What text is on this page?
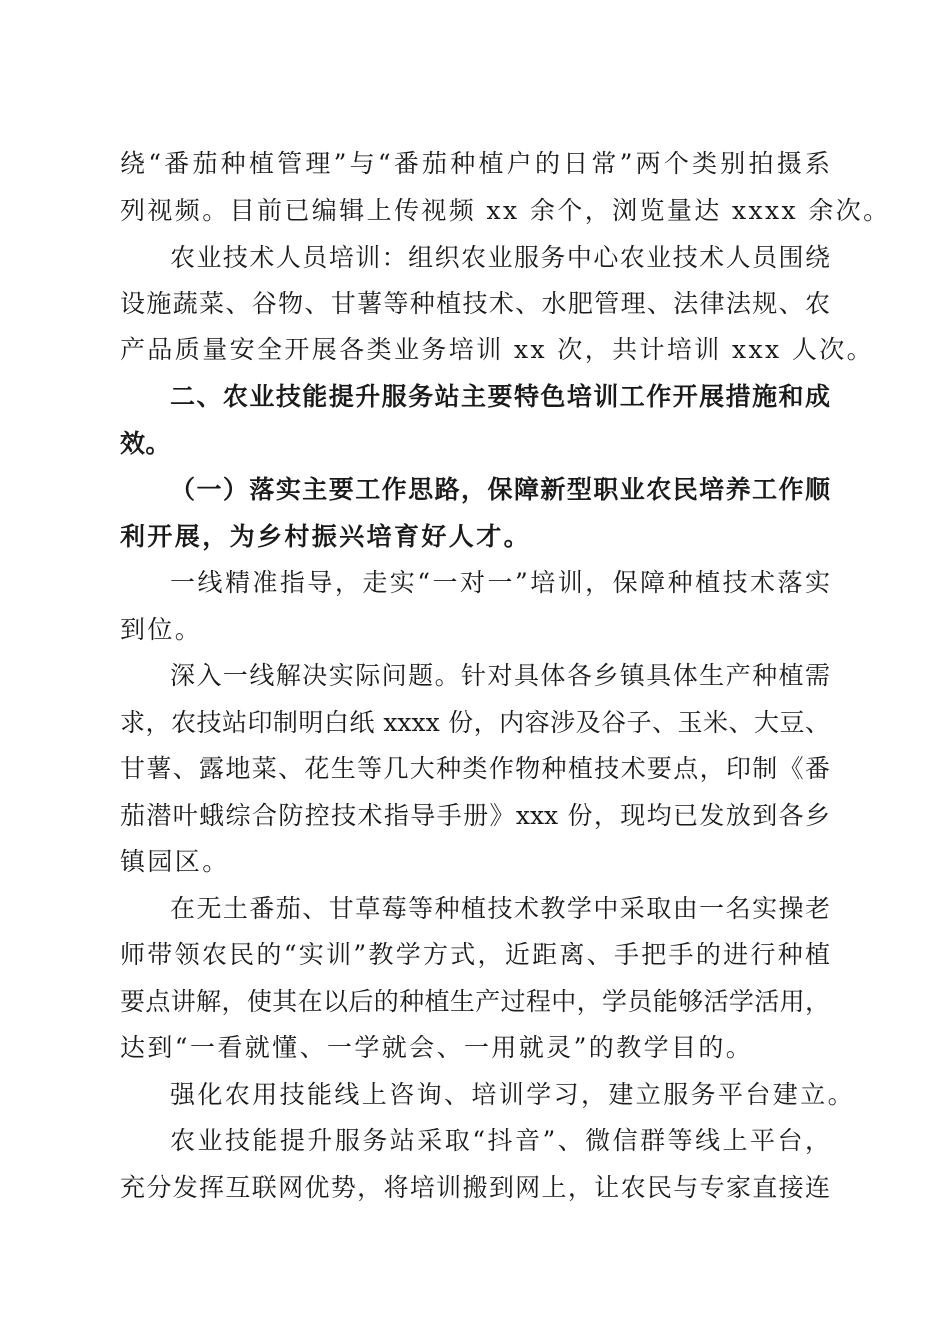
绕“番茄种植管理”与“番茄种植户的日常”两个类别拍摄系
列视频。目前已编辑上传视频 xx 余个，浏览量达 xxxx 余次。
农业技术人员培训：组织农业服务中心农业技术人员围绕
设施蔬菜、谷物、甘薯等种植技术、水肥管理、法律法规、农
产品质量安全开展各类业务培训 xx 次，共计培训 xxx 人次。
二、农业技能提升服务站主要特色培训工作开展措施和成
效。
（一）落实主要工作思路，保障新型职业农民培养工作顺
利开展，为乡村振兴培育好人才。
一线精准指导，走实“一对一”培训，保障种植技术落实
到位。
深入一线解决实际问题。针对具体各乡镇具体生产种植需
求，农技站印制明白纸 xxxx 份，内容涉及谷子、玉米、大豆、
甘薯、露地菜、花生等几大种类作物种植技术要点，印制《番
茄潜叶蛾综合防控技术指导手册》xxx 份，现均已发放到各乡
镇园区。
在无土番茄、甘草莓等种植技术教学中采取由一名实操老
师带领农民的“实训”教学方式，近距离、手把手的进行种植
要点讲解，使其在以后的种植生产过程中，学员能够活学活用，
达到“一看就懂、一学就会、一用就灵”的教学目的。
强化农用技能线上咨询、培训学习，建立服务平台建立。
农业技能提升服务站采取“抖音”、微信群等线上平台，
充分发挥互联网优势，将培训搬到网上，让农民与专家直接连
